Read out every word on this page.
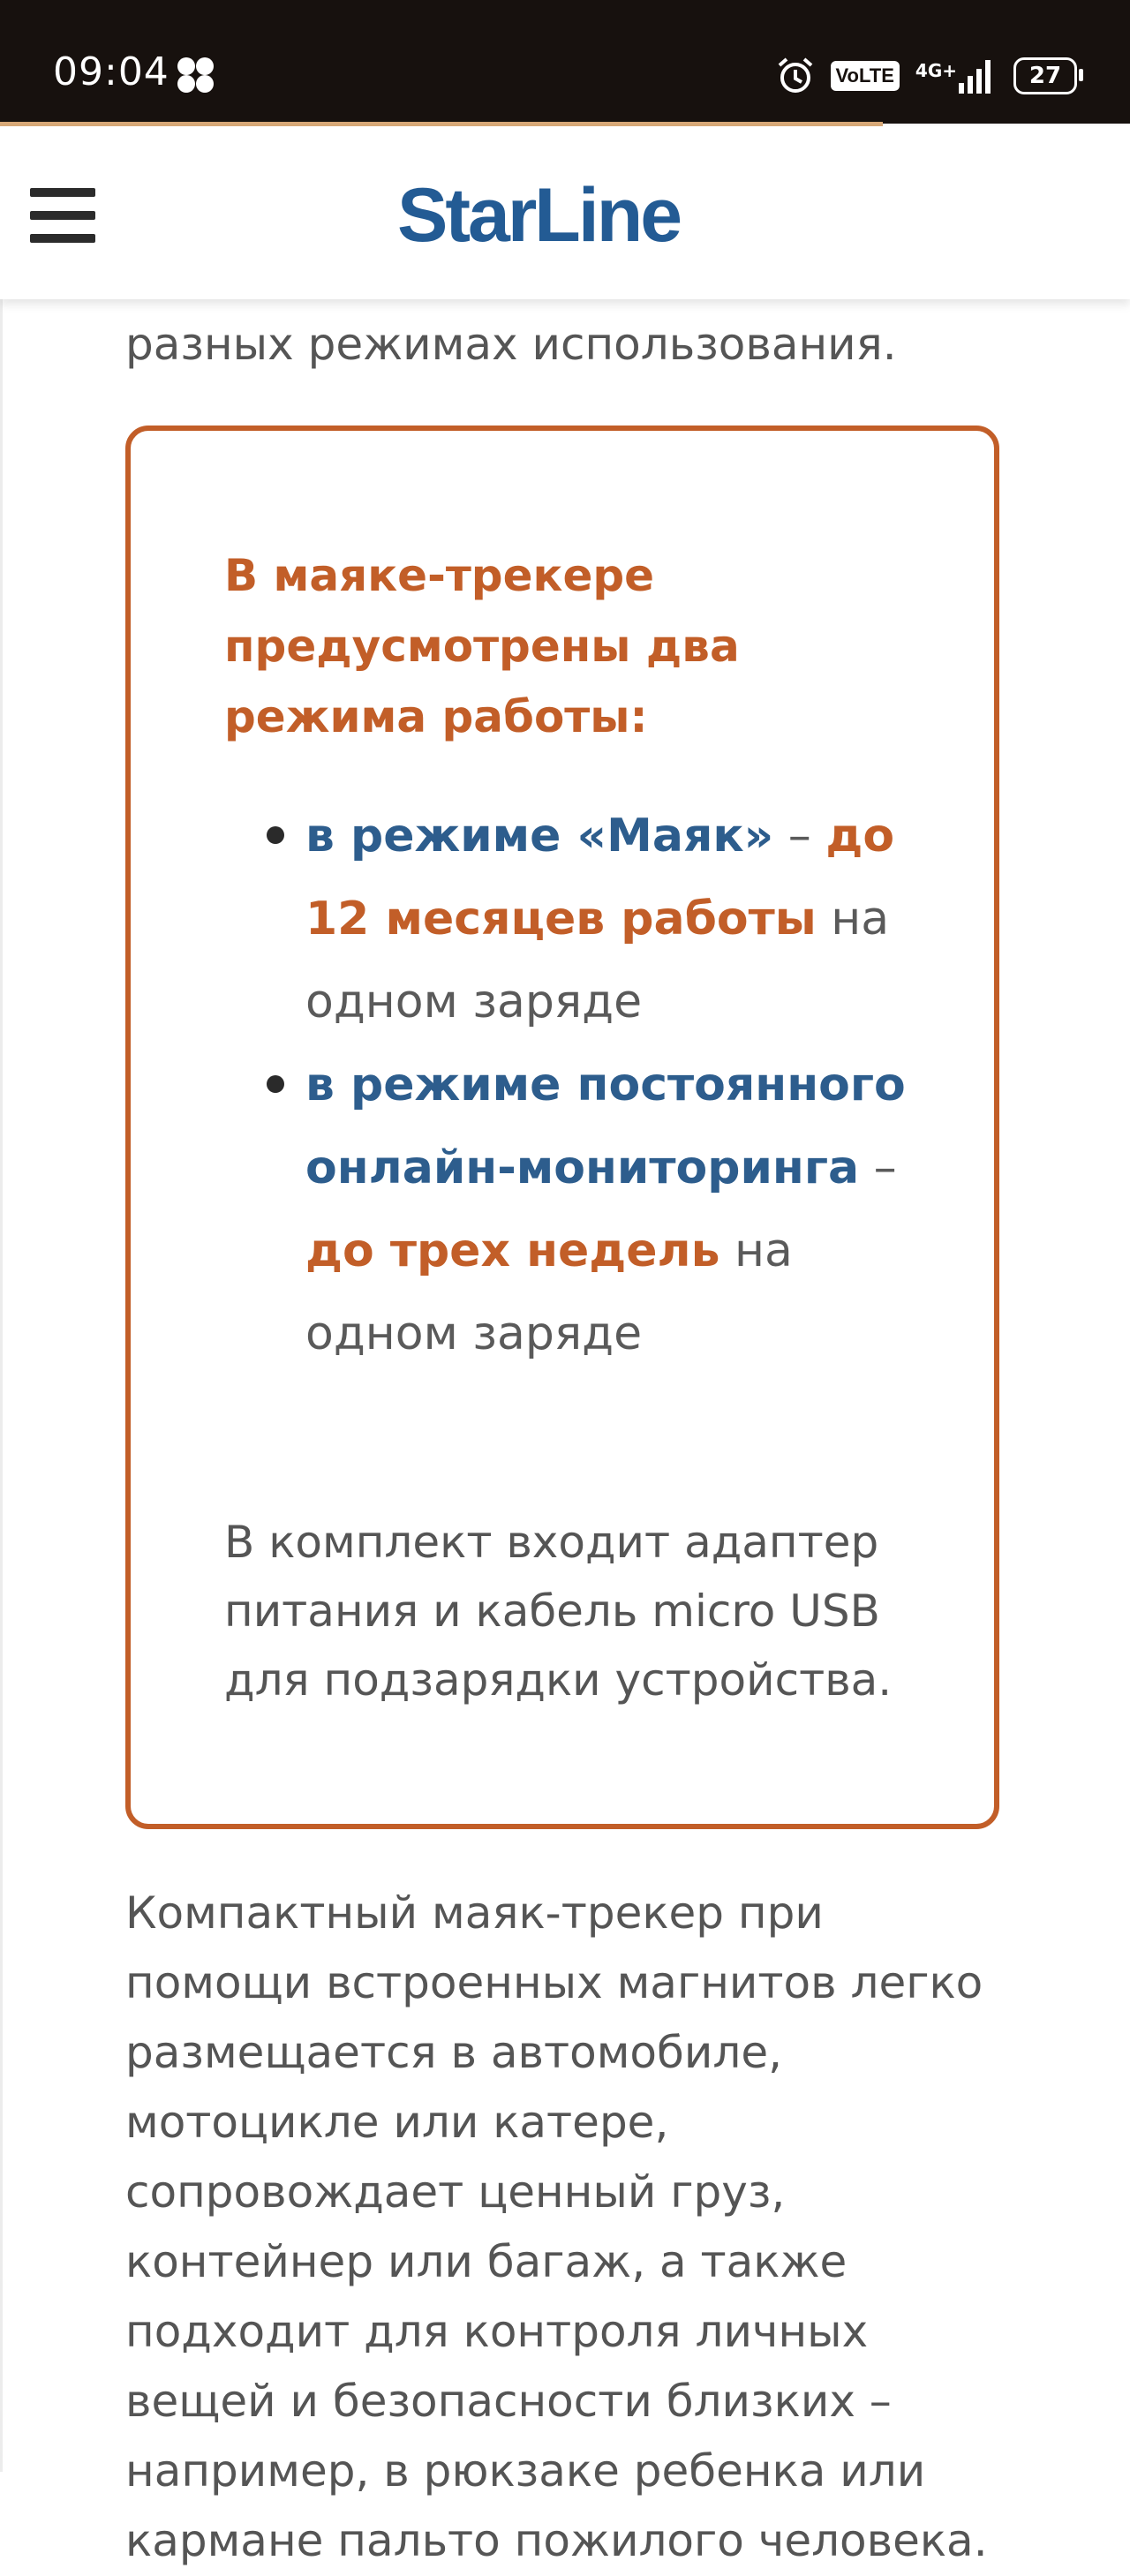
09:04	VoLTE	4G+	27
StarLine
разных режимах использования.
В маяке-трекере предусмотрены два режима работы:
в режиме «Маяк» – до 12 месяцев работы на одном заряде
в режиме постоянного онлайн-мониторинга – до трех недель на одном заряде
В комплект входит адаптер питания и кабель micro USB для подзарядки устройства.
Компактный маяк-трекер при помощи встроенных магнитов легко размещается в автомобиле, мотоцикле или катере, сопровождает ценный груз, контейнер или багаж, а также подходит для контроля личных вещей и безопасности близких – например, в рюкзаке ребенка или кармане пальто пожилого человека.
